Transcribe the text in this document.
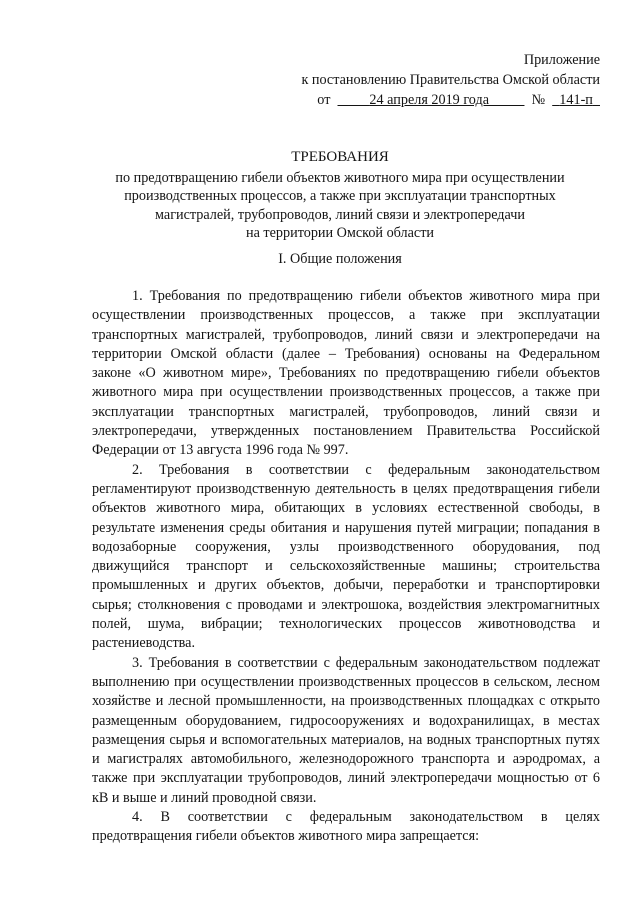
Приложение
к постановлению Правительства Омской области
от	24 апреля 2019 года	№ 141-п
ТРЕБОВАНИЯ
по предотвращению гибели объектов животного мира при осуществлении
производственных процессов, а также при эксплуатации транспортных
магистралей, трубопроводов, линий связи и электропередачи
на территории Омской области
I. Общие положения

1. Требования по предотвращению гибели объектов животного мира при осуществлении производственных процессов, а также при эксплуатации транспортных магистралей, трубопроводов, линий связи и электропередачи на территории Омской области (далее – Требования) основаны на Федеральном законе «О животном мире», Требованиях по предотвращению гибели объектов животного мира при осуществлении производственных процессов, а также при эксплуатации транспортных магистралей, трубопроводов, линий связи и электропередачи, утвержденных постановлением Правительства Российской Федерации от 13 августа 1996 года № 997.

2. Требования в соответствии с федеральным законодательством регламентируют производственную деятельность в целях предотвращения гибели объектов животного мира, обитающих в условиях естественной свободы, в результате изменения среды обитания и нарушения путей миграции; попадания в водозаборные сооружения, узлы производственного оборудования, под движущийся транспорт и сельскохозяйственные машины; строительства промышленных и других объектов, добычи, переработки и транспортировки сырья; столкновения с проводами и электрошока, воздействия электромагнитных полей, шума, вибрации; технологических процессов животноводства и растениеводства.

3. Требования в соответствии с федеральным законодательством подлежат выполнению при осуществлении производственных процессов в сельском, лесном хозяйстве и лесной промышленности, на производственных площадках с открыто размещенным оборудованием, гидросооружениях и водохранилищах, в местах размещения сырья и вспомогательных материалов, на водных транспортных путях и магистралях автомобильного, железнодорожного транспорта и аэродромах, а также при эксплуатации трубопроводов, линий электропередачи мощностью от 6 кВ и выше и линий проводной связи.

4. В соответствии с федеральным законодательством в целях предотвращения гибели объектов животного мира запрещается:
